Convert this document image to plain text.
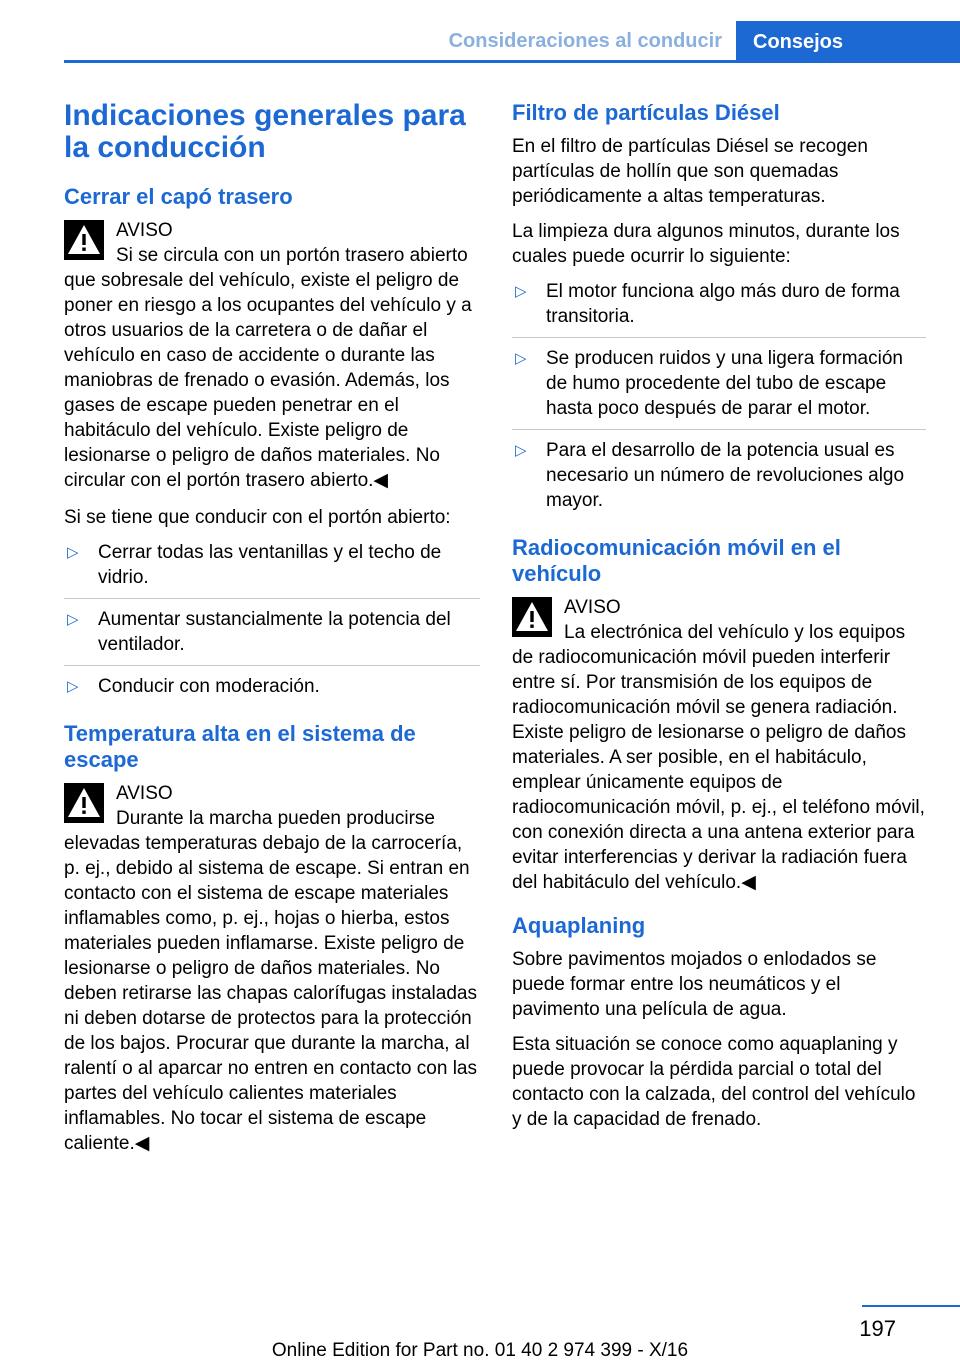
Consideraciones al conducir	Consejos
Indicaciones generales para la conducción
Cerrar el capó trasero
AVISO
Si se circula con un portón trasero abierto que sobresale del vehículo, existe el peligro de poner en riesgo a los ocupantes del vehículo y a otros usuarios de la carretera o de dañar el vehículo en caso de accidente o durante las maniobras de frenado o evasión. Además, los gases de escape pueden penetrar en el habitáculo del vehículo. Existe peligro de lesionarse o peligro de daños materiales. No circular con el portón trasero abierto.◀

Si se tiene que conducir con el portón abierto:

▷ Cerrar todas las ventanillas y el techo de vidrio.
▷ Aumentar sustancialmente la potencia del ventilador.
▷ Conducir con moderación.
Temperatura alta en el sistema de escape
AVISO
Durante la marcha pueden producirse elevadas temperaturas debajo de la carrocería, p. ej., debido al sistema de escape. Si entran en contacto con el sistema de escape materiales inflamables como, p. ej., hojas o hierba, estos materiales pueden inflamarse. Existe peligro de lesionarse o peligro de daños materiales. No deben retirarse las chapas calorífugas instaladas ni deben dotarse de protectos para la protección de los bajos. Procurar que durante la marcha, al ralentí o al aparcar no entren en contacto con las partes del vehículo calientes materiales inflamables. No tocar el sistema de escape caliente.◀
Filtro de partículas Diésel

En el filtro de partículas Diésel se recogen partículas de hollín que son quemadas periódicamente a altas temperaturas.

La limpieza dura algunos minutos, durante los cuales puede ocurrir lo siguiente:

▷ El motor funciona algo más duro de forma transitoria.
▷ Se producen ruidos y una ligera formación de humo procedente del tubo de escape hasta poco después de parar el motor.
▷ Para el desarrollo de la potencia usual es necesario un número de revoluciones algo mayor.
Radiocomunicación móvil en el vehículo
AVISO
La electrónica del vehículo y los equipos de radiocomunicación móvil pueden interferir entre sí. Por transmisión de los equipos de radiocomunicación móvil se genera radiación. Existe peligro de lesionarse o peligro de daños materiales. A ser posible, en el habitáculo, emplear únicamente equipos de radiocomunicación móvil, p. ej., el teléfono móvil, con conexión directa a una antena exterior para evitar interferencias y derivar la radiación fuera del habitáculo del vehículo.◀
Aquaplaning

Sobre pavimentos mojados o enlodados se puede formar entre los neumáticos y el pavimento una película de agua.

Esta situación se conoce como aquaplaning y puede provocar la pérdida parcial o total del contacto con la calzada, del control del vehículo y de la capacidad de frenado.

197
Online Edition for Part no. 01 40 2 974 399 - X/16
